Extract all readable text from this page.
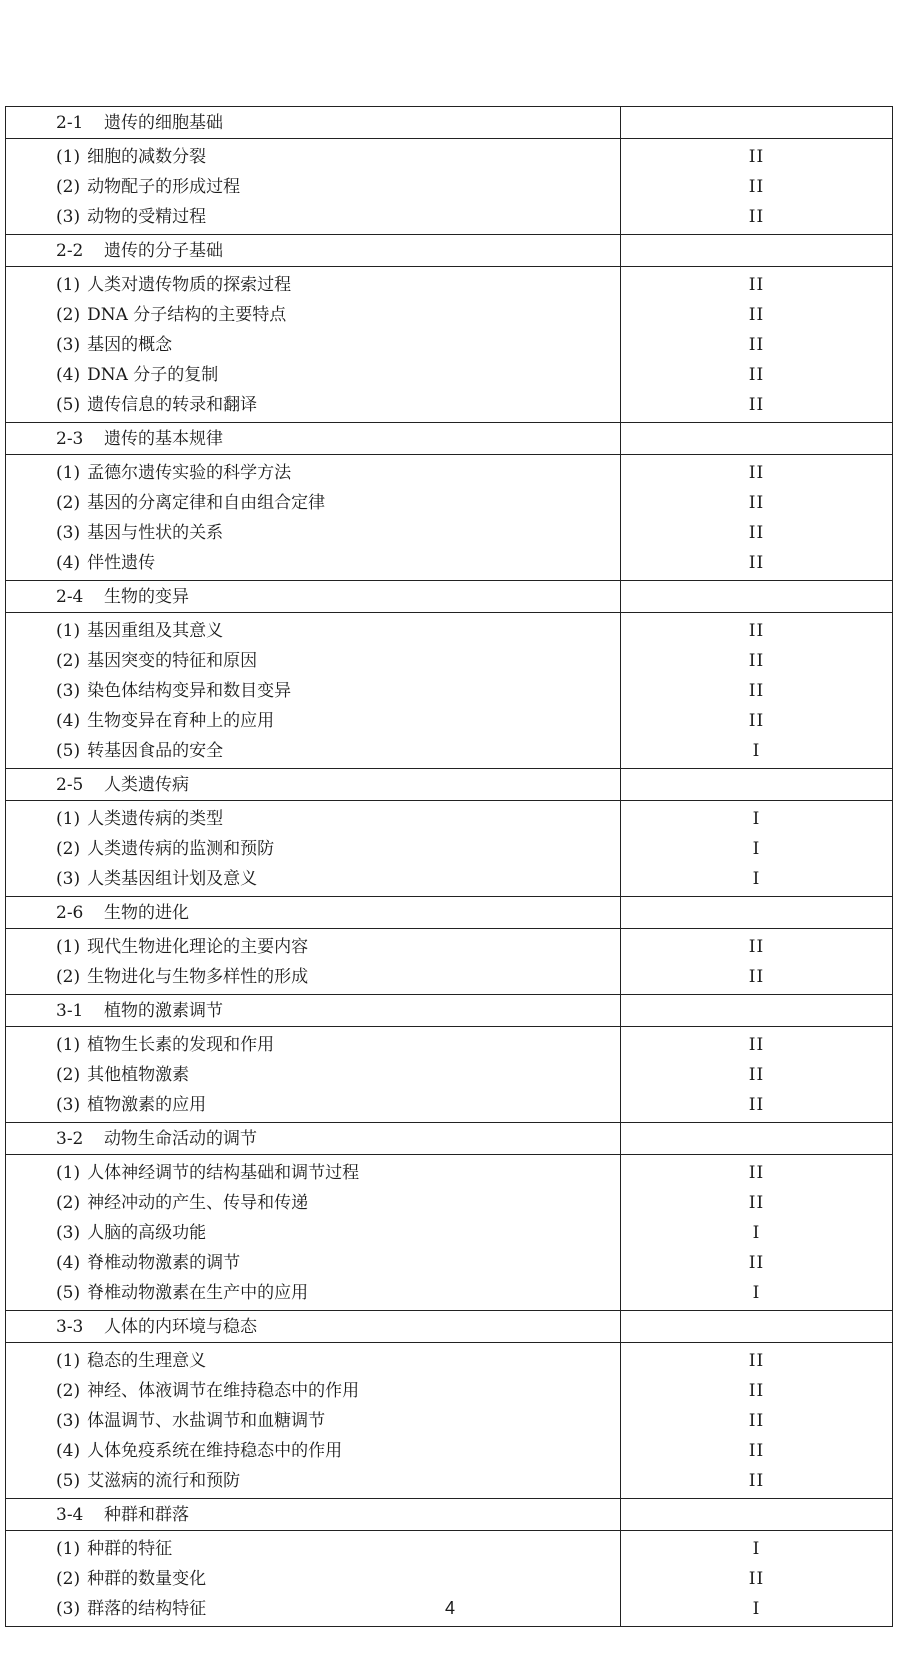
2-1 遗传的细胞基础	
(1) 细胞的减数分裂	II
(2) 动物配子的形成过程	II
(3) 动物的受精过程	II
2-2 遗传的分子基础	
(1) 人类对遗传物质的探索过程	II
(2) DNA 分子结构的主要特点	II
(3) 基因的概念	II
(4) DNA 分子的复制	II
(5) 遗传信息的转录和翻译	II
2-3 遗传的基本规律	
(1) 孟德尔遗传实验的科学方法	II
(2) 基因的分离定律和自由组合定律	II
(3) 基因与性状的关系	II
(4) 伴性遗传	II
2-4 生物的变异	
(1) 基因重组及其意义	II
(2) 基因突变的特征和原因	II
(3) 染色体结构变异和数目变异	II
(4) 生物变异在育种上的应用	II
(5) 转基因食品的安全	I
2-5 人类遗传病	
(1) 人类遗传病的类型	I
(2) 人类遗传病的监测和预防	I
(3) 人类基因组计划及意义	I
2-6 生物的进化	
(1) 现代生物进化理论的主要内容	II
(2) 生物进化与生物多样性的形成	II
3-1 植物的激素调节	
(1) 植物生长素的发现和作用	II
(2) 其他植物激素	II
(3) 植物激素的应用	II
3-2 动物生命活动的调节	
(1) 人体神经调节的结构基础和调节过程	II
(2) 神经冲动的产生、传导和传递	II
(3) 人脑的高级功能	I
(4) 脊椎动物激素的调节	II
(5) 脊椎动物激素在生产中的应用	I
3-3 人体的内环境与稳态	
(1) 稳态的生理意义	II
(2) 神经、体液调节在维持稳态中的作用	II
(3) 体温调节、水盐调节和血糖调节	II
(4) 人体免疫系统在维持稳态中的作用	II
(5) 艾滋病的流行和预防	II
3-4 种群和群落	
(1) 种群的特征	I
(2) 种群的数量变化	II
(3) 群落的结构特征	I
4
